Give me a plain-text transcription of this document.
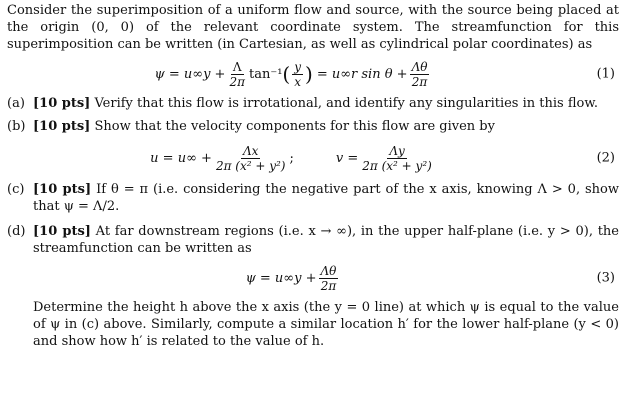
Consider the superimposition of a uniform flow and source, with the source being placed at the origin (0, 0) of the relevant coordinate system. The streamfunction for this superimposition can be written (in Cartesian, as well as cylindrical polar coordinates) as

$\psi = u\infty y + \frac{\Lambda}{2\pi} \tan^{-1}$ ( $\frac{y}{x}$ ) = u∞r $\sin \theta + \frac{\Lambda\theta}{2\pi}$	(1)
(a) [10 pts] Verify that this flow is irrotational, and identify any singularities in this flow.
(b) [10 pts] Show that the velocity components for this flow are given by
$u = u\infty + \frac{\Lambda x}{\text{2π (x² + y²)}}$ ;	$v = \frac{\Lambda y}{\text{2π (x² + y²)}}$	(2)
(c) [10 pts] If θ = π (i.e. considering the negative part of the x axis, knowing Λ > 0, show that ψ = Λ/2.
(d) [10 pts] At far downstream regions (i.e. x → ∞), in the upper half-plane (i.e. y > 0), the streamfunction can be written as
$\psi = u\infty y + \frac{\Lambda\theta}{2\pi}$	(3)
Determine the height h above the x axis (the y = 0 line) at which ψ is equal to the value of ψ in (c) above. Similarly, compute a similar location h′ for the lower half-plane (y < 0) and show how h′ is related to the value of h.
